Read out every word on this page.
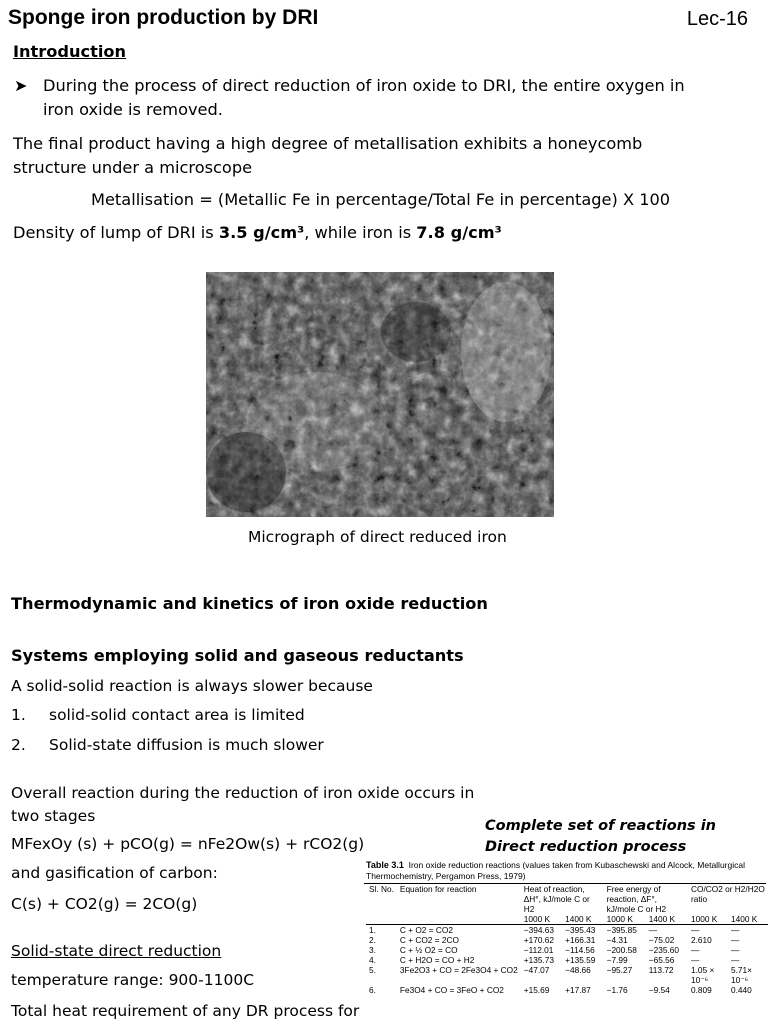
Sponge iron production by DRI	Lec-16
Introduction
➤ During the process of direct reduction of iron oxide to DRI, the entire oxygen in
iron oxide is removed.
The final product having a high degree of metallisation exhibits a honeycomb
structure under a microscope
Metallisation = (Metallic Fe in percentage/Total Fe in percentage) X 100
Density of lump of DRI is 3.5 g/cm³, while iron is 7.8 g/cm³
Micrograph of direct reduced iron
Thermodynamic and kinetics of iron oxide reduction
Systems employing solid and gaseous reductants
A solid-solid reaction is always slower because
1. solid-solid contact area is limited
2. Solid-state diffusion is much slower
Overall reaction during the reduction of iron oxide occurs in
two stages
MFexOy (s) + pCO(g) = nFe2Ow(s) + rCO2(g)
and gasification of carbon:
C(s) + CO2(g) = 2CO(g)
Solid-state direct reduction
temperature range: 900-1100C
Total heat requirement of any DR process for
Complete set of reactions in
Direct reduction process
Table 3.1 Iron oxide reduction reactions (values taken from Kubaschewski and Alcock, Metallurgical Thermochemistry, Pergamon Press, 1979)
Sl. No.	Equation for reaction	Heat of reaction, ΔH°, kJ/mole C or H2		Free energy of reaction, ΔF°, kJ/mole C or H2		CO/CO2 or H2/H2O ratio	
		1000 K	1400 K	1000 K	1400 K	1000 K	1400 K
1.	C + O2 = CO2	−394.63	−395.43	−395.85	—	—	—
2.	C + CO2 = 2CO	+170.62	+166.31	−4.31	−75.02	2.610	—
3.	C + ½ O2 = CO	−112.01	−114.56	−200.58	−235.60	—	—
4.	C + H2O = CO + H2	+135.73	+135.59	−7.99	−65.56	—	—
5.	3Fe2O3 + CO = 2Fe3O4 + CO2	−47.07	−48.66	−95.27	113.72	1.05 × 10⁻⁶	5.71× 10⁻⁶
6.	Fe3O4 + CO = 3FeO + CO2	+15.69	+17.87	−1.76	−9.54	0.809	0.440
